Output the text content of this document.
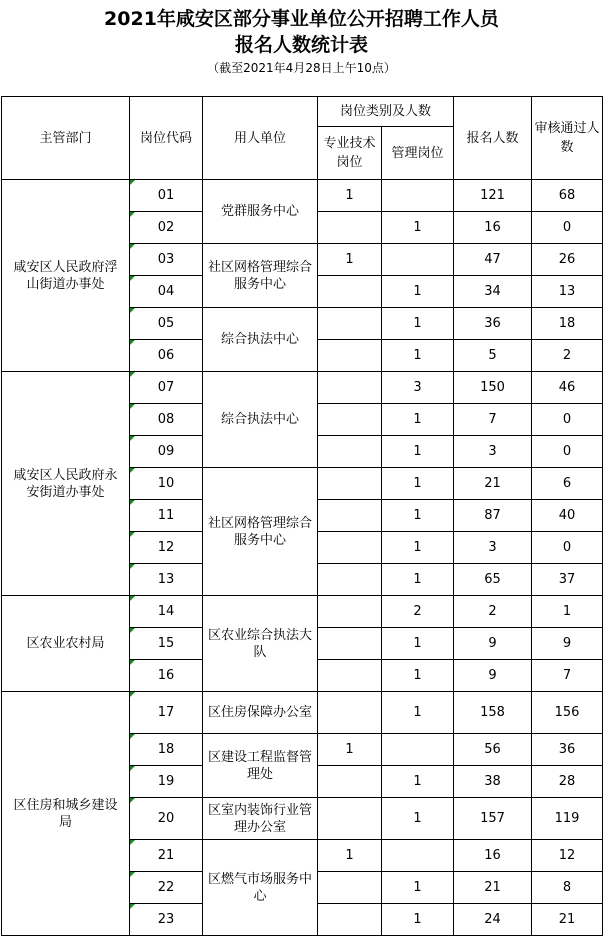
2021年咸安区部分事业单位公开招聘工作人员
报名人数统计表
（截至2021年4月28日上午10点）
主管部门	岗位代码	用人单位	岗位类别及人数		报名人数	审核通过人数
			专业技术岗位	管理岗位		
咸安区人民政府浮山街道办事处	01	党群服务中心	1		121	68
	02			1	16	0
	03	社区网格管理综合服务中心	1		47	26
	04			1	34	13
	05	综合执法中心		1	36	18
	06			1	5	2
咸安区人民政府永安街道办事处	07	综合执法中心		3	150	46
	08			1	7	0
	09			1	3	0
	10	社区网格管理综合服务中心		1	21	6
	11			1	87	40
	12			1	3	0
	13			1	65	37
区农业农村局	14	区农业综合执法大队		2	2	1
	15			1	9	9
	16			1	9	7
区住房和城乡建设局	17	区住房保障办公室		1	158	156
	18	区建设工程监督管理处	1		56	36
	19			1	38	28
	20	区室内装饰行业管理办公室		1	157	119
	21	区燃气市场服务中心	1		16	12
	22			1	21	8
	23			1	24	21
